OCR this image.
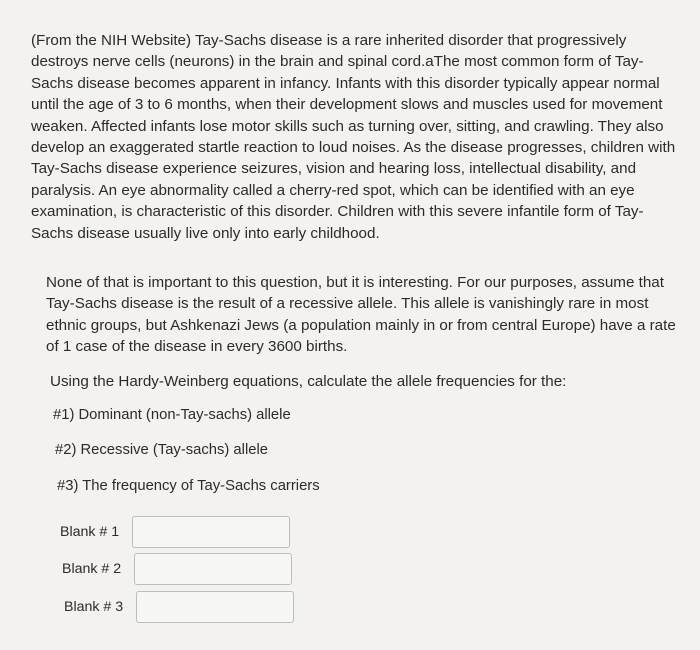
(From the NIH Website) Tay-Sachs disease is a rare inherited disorder that progressively destroys nerve cells (neurons) in the brain and spinal cord.aThe most common form of Tay-Sachs disease becomes apparent in infancy. Infants with this disorder typically appear normal until the age of 3 to 6 months, when their development slows and muscles used for movement weaken. Affected infants lose motor skills such as turning over, sitting, and crawling. They also develop an exaggerated startle reaction to loud noises. As the disease progresses, children with Tay-Sachs disease experience seizures, vision and hearing loss, intellectual disability, and paralysis. An eye abnormality called a cherry-red spot, which can be identified with an eye examination, is characteristic of this disorder. Children with this severe infantile form of Tay-Sachs disease usually live only into early childhood.

None of that is important to this question, but it is interesting. For our purposes, assume that Tay-Sachs disease is the result of a recessive allele. This allele is vanishingly rare in most ethnic groups, but Ashkenazi Jews (a population mainly in or from central Europe) have a rate of 1 case of the disease in every 3600 births.

Using the Hardy-Weinberg equations, calculate the allele frequencies for the:

#1) Dominant (non-Tay-sachs) allele

#2) Recessive (Tay-sachs) allele

#3) The frequency of Tay-Sachs carriers

Blank # 1
Blank # 2
Blank # 3
